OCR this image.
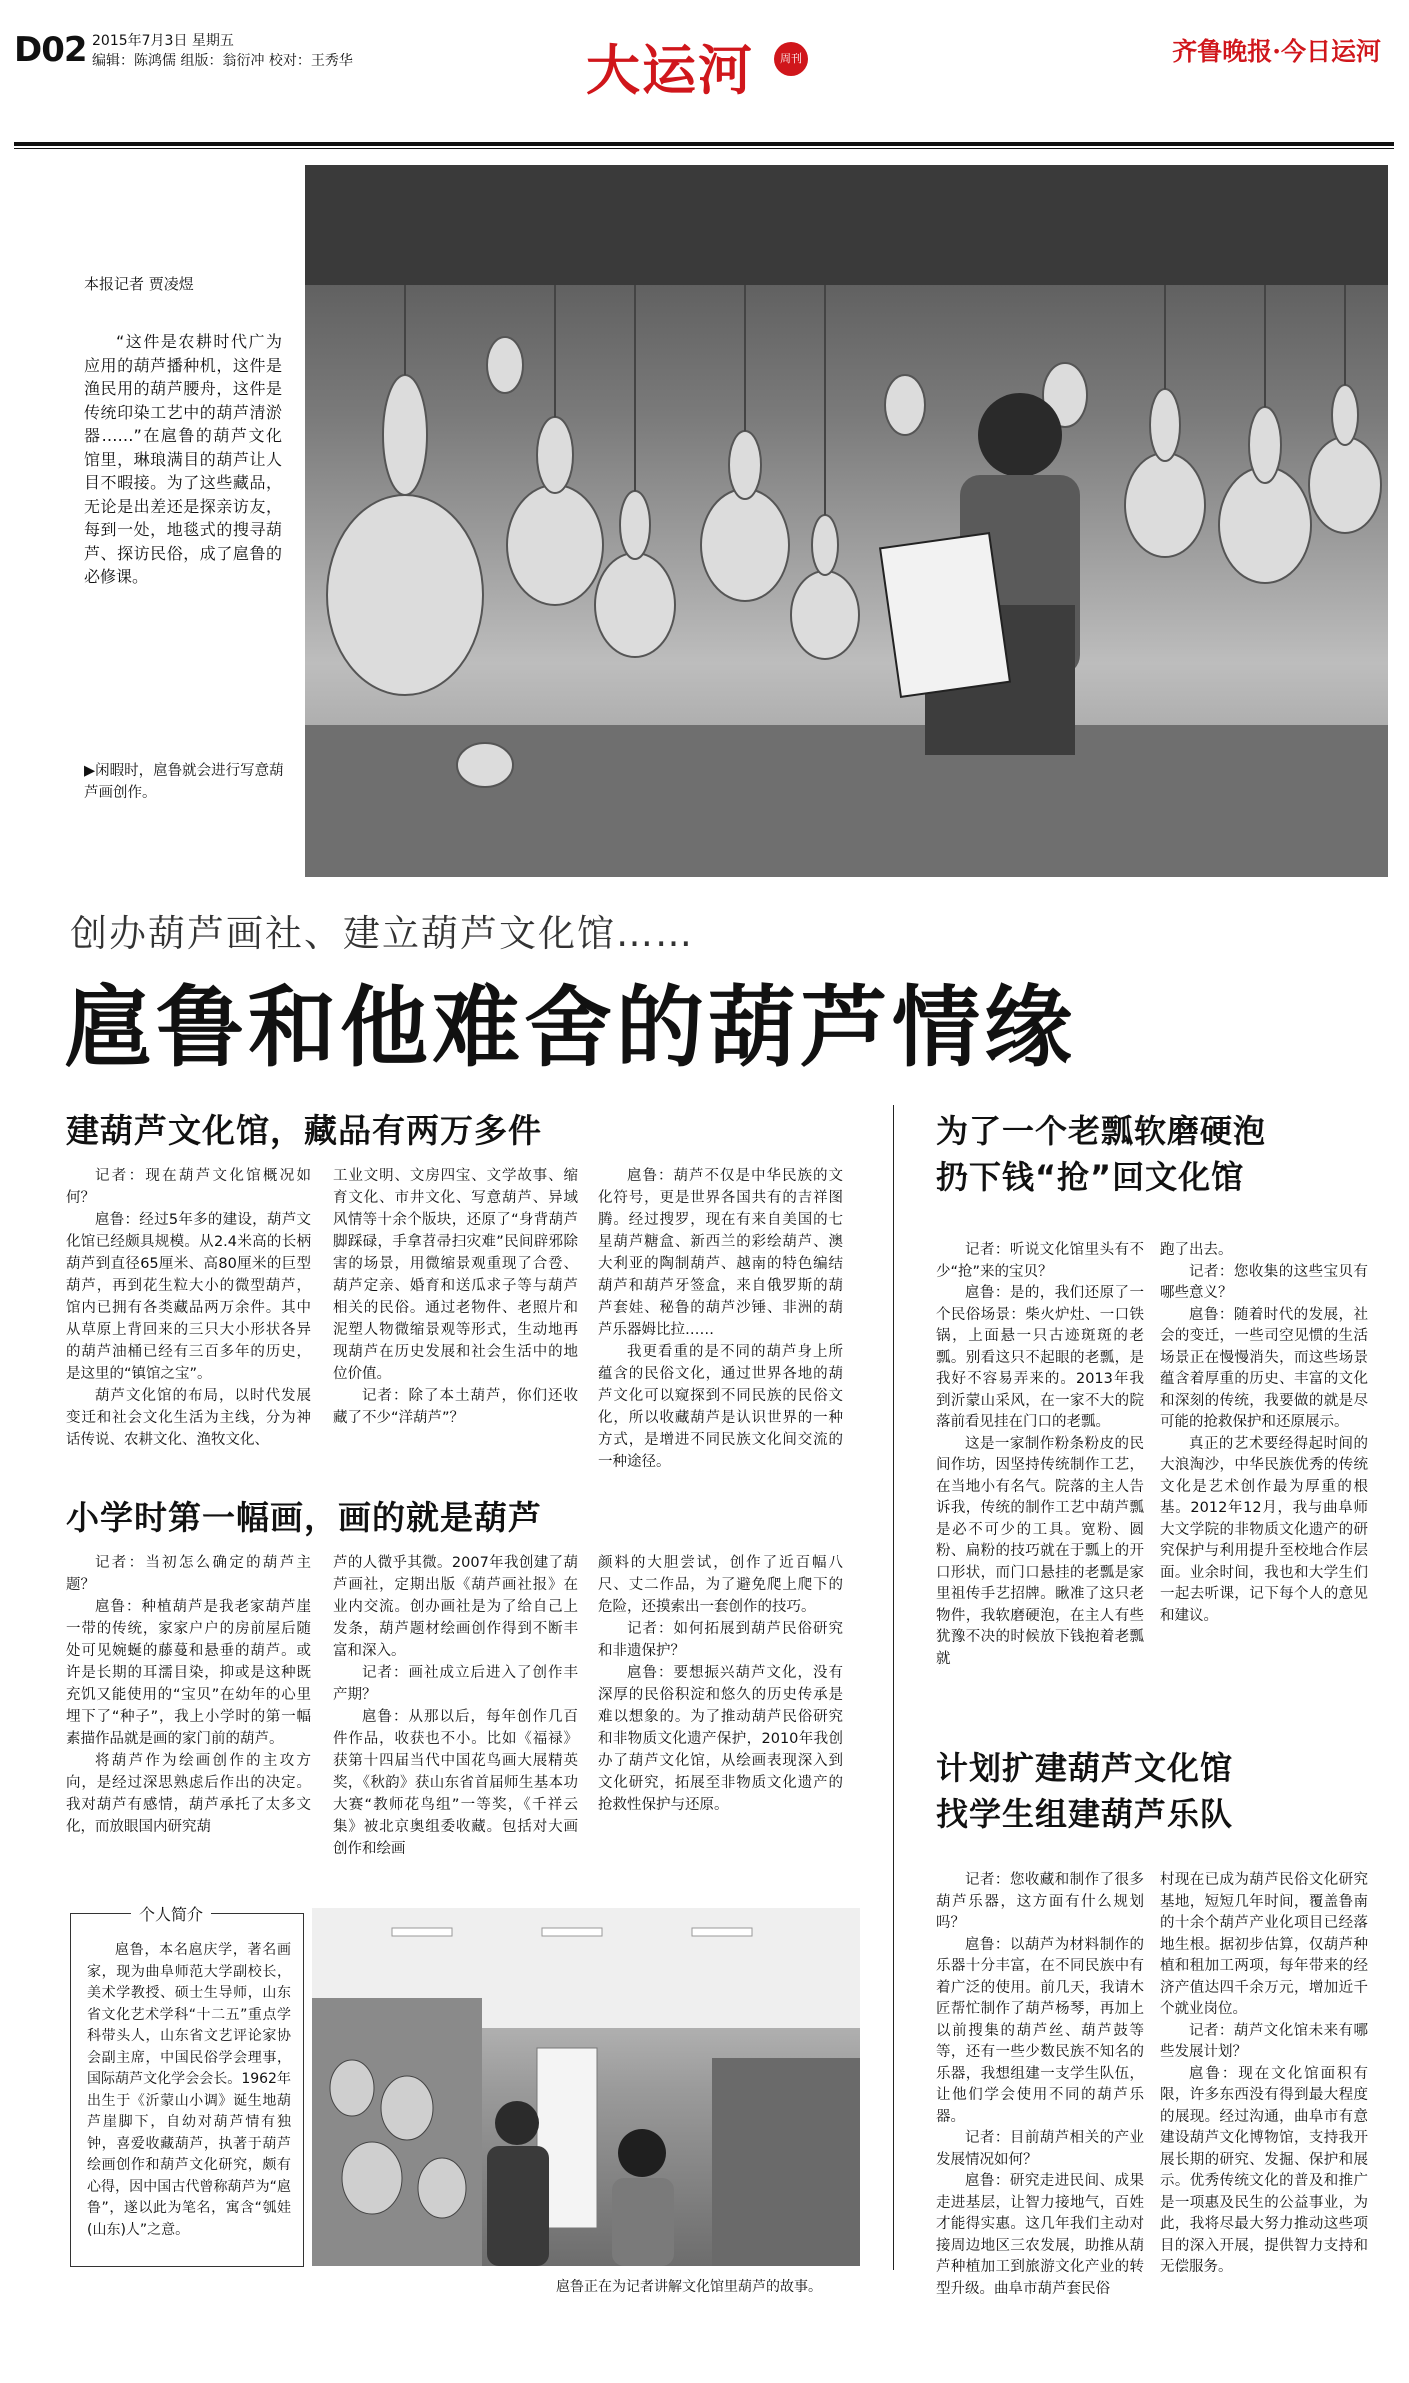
D02 2015年7月3日 星期五
编辑：陈鸿儒 组版：翁衍冲 校对：王秀华	大运河	周刊	齐鲁晚报·今日运河
本报记者 贾凌煜
“这件是农耕时代广为应用的葫芦播种机，这件是渔民用的葫芦腰舟，这件是传统印染工艺中的葫芦清淤器……”在扈鲁的葫芦文化馆里，琳琅满目的葫芦让人目不暇接。为了这些藏品，无论是出差还是探亲访友，每到一处，地毯式的搜寻葫芦、探访民俗，成了扈鲁的必修课。
▶闲暇时，扈鲁就会进行写意葫芦画创作。
创办葫芦画社、建立葫芦文化馆……
扈鲁和他难舍的葫芦情缘
建葫芦文化馆，藏品有两万多件

记者：现在葫芦文化馆概况如何？

扈鲁：经过5年多的建设，葫芦文化馆已经颇具规模。从2.4米高的长柄葫芦到直径65厘米、高80厘米的巨型葫芦，再到花生粒大小的微型葫芦，馆内已拥有各类藏品两万余件。其中从草原上背回来的三只大小形状各异的葫芦油桶已经有三百多年的历史，是这里的“镇馆之宝”。

葫芦文化馆的布局，以时代发展变迁和社会文化生活为主线，分为神话传说、农耕文化、渔牧文化、

工业文明、文房四宝、文学故事、缩育文化、市井文化、写意葫芦、异域风情等十余个版块，还原了“身背葫芦脚踩碌，手拿苕帚扫灾难”民间辟邪除害的场景，用微缩景观重现了合卺、葫芦定亲、婚育和送瓜求子等与葫芦相关的民俗。通过老物件、老照片和泥塑人物微缩景观等形式，生动地再现葫芦在历史发展和社会生活中的地位价值。

记者：除了本土葫芦，你们还收藏了不少“洋葫芦”？

扈鲁：葫芦不仅是中华民族的文化符号，更是世界各国共有的吉祥图腾。经过搜罗，现在有来自美国的七星葫芦糖盒、新西兰的彩绘葫芦、澳大利亚的陶制葫芦、越南的特色编结葫芦和葫芦牙签盒，来自俄罗斯的葫芦套娃、秘鲁的葫芦沙锤、非洲的葫芦乐器姆比拉……

我更看重的是不同的葫芦身上所蕴含的民俗文化，通过世界各地的葫芦文化可以窥探到不同民族的民俗文化，所以收藏葫芦是认识世界的一种方式，是增进不同民族文化间交流的一种途径。

小学时第一幅画，画的就是葫芦

记者：当初怎么确定的葫芦主题？

扈鲁：种植葫芦是我老家葫芦崖一带的传统，家家户户的房前屋后随处可见婉蜒的藤蔓和悬垂的葫芦。或许是长期的耳濡目染，抑或是这种既充饥又能使用的“宝贝”在幼年的心里埋下了“种子”，我上小学时的第一幅素描作品就是画的家门前的葫芦。

将葫芦作为绘画创作的主攻方向，是经过深思熟虑后作出的决定。我对葫芦有感情，葫芦承托了太多文化，而放眼国内研究葫

芦的人微乎其微。2007年我创建了葫芦画社，定期出版《葫芦画社报》在业内交流。创办画社是为了给自己上发条，葫芦题材绘画创作得到不断丰富和深入。

记者：画社成立后进入了创作丰产期？

扈鲁：从那以后，每年创作几百件作品，收获也不小。比如《福禄》获第十四届当代中国花鸟画大展精英奖，《秋韵》获山东省首届师生基本功大赛“教师花鸟组”一等奖，《千祥云集》被北京奥组委收藏。包括对大画创作和绘画

颜料的大胆尝试，创作了近百幅八尺、丈二作品，为了避免爬上爬下的危险，还摸索出一套创作的技巧。

记者：如何拓展到葫芦民俗研究和非遗保护？

扈鲁：要想振兴葫芦文化，没有深厚的民俗积淀和悠久的历史传承是难以想象的。为了推动葫芦民俗研究和非物质文化遗产保护，2010年我创办了葫芦文化馆，从绘画表现深入到文化研究，拓展至非物质文化遗产的抢救性保护与还原。

为了一个老瓢软磨硬泡
扔下钱“抢”回文化馆

记者：听说文化馆里头有不少“抢”来的宝贝？

扈鲁：是的，我们还原了一个民俗场景：柴火炉灶、一口铁锅，上面悬一只古迹斑斑的老瓢。别看这只不起眼的老瓢，是我好不容易弄来的。2013年我到沂蒙山采风，在一家不大的院落前看见挂在门口的老瓢。

这是一家制作粉条粉皮的民间作坊，因坚持传统制作工艺，在当地小有名气。院落的主人告诉我，传统的制作工艺中葫芦瓢是必不可少的工具。宽粉、圆粉、扁粉的技巧就在于瓢上的开口形状，而门口悬挂的老瓢是家里祖传手艺招牌。瞅准了这只老物件，我软磨硬泡，在主人有些犹豫不决的时候放下钱抱着老瓢就

跑了出去。

记者：您收集的这些宝贝有哪些意义？

扈鲁：随着时代的发展，社会的变迁，一些司空见惯的生活场景正在慢慢消失，而这些场景蕴含着厚重的历史、丰富的文化和深刻的传统，我要做的就是尽可能的抢救保护和还原展示。

真正的艺术要经得起时间的大浪淘沙，中华民族优秀的传统文化是艺术创作最为厚重的根基。2012年12月，我与曲阜师大文学院的非物质文化遗产的研究保护与利用提升至校地合作层面。业余时间，我也和大学生们一起去听课，记下每个人的意见和建议。

计划扩建葫芦文化馆
找学生组建葫芦乐队

记者：您收藏和制作了很多葫芦乐器，这方面有什么规划吗？

扈鲁：以葫芦为材料制作的乐器十分丰富，在不同民族中有着广泛的使用。前几天，我请木匠帮忙制作了葫芦杨琴，再加上以前搜集的葫芦丝、葫芦鼓等等，还有一些少数民族不知名的乐器，我想组建一支学生队伍，让他们学会使用不同的葫芦乐器。

记者：目前葫芦相关的产业发展情况如何？

扈鲁：研究走进民间、成果走进基层，让智力接地气，百姓才能得实惠。这几年我们主动对接周边地区三农发展，助推从葫芦种植加工到旅游文化产业的转型升级。曲阜市葫芦套民俗

村现在已成为葫芦民俗文化研究基地，短短几年时间，覆盖鲁南的十余个葫芦产业化项目已经落地生根。据初步估算，仅葫芦种植和租加工两项，每年带来的经济产值达四千余万元，增加近千个就业岗位。

记者：葫芦文化馆未来有哪些发展计划？

扈鲁：现在文化馆面积有限，许多东西没有得到最大程度的展现。经过沟通，曲阜市有意建设葫芦文化博物馆，支持我开展长期的研究、发掘、保护和展示。优秀传统文化的普及和推广是一项惠及民生的公益事业，为此，我将尽最大努力推动这些项目的深入开展，提供智力支持和无偿服务。

个人简介
扈鲁，本名扈庆学，著名画家，现为曲阜师范大学副校长，美术学教授、硕士生导师，山东省文化艺术学科“十二五”重点学科带头人，山东省文艺评论家协会副主席，中国民俗学会理事，国际葫芦文化学会会长。1962年出生于《沂蒙山小调》诞生地葫芦崖脚下，自幼对葫芦情有独钟，喜爱收藏葫芦，执著于葫芦绘画创作和葫芦文化研究，颇有心得，因中国古代曾称葫芦为“扈鲁”，遂以此为笔名，寓含“瓠娃(山东)人”之意。
扈鲁正在为记者讲解文化馆里葫芦的故事。
